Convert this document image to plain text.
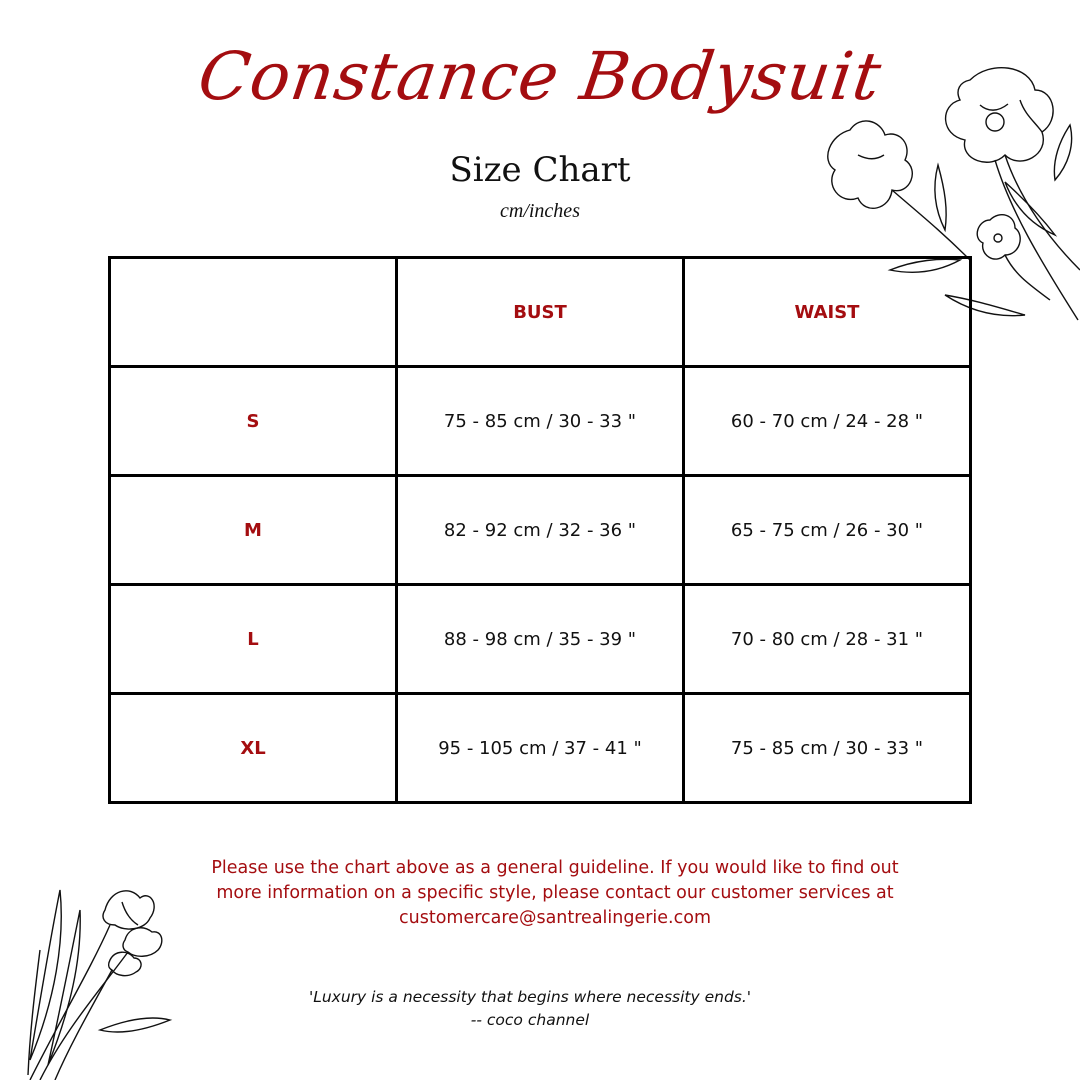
Constance Bodysuit
Size Chart
cm/inches
	BUST	WAIST
S	75 - 85 cm / 30 - 33 "	60 - 70 cm / 24 - 28 "
M	82 - 92 cm / 32 - 36 "	65 - 75 cm / 26 - 30 "
L	88 - 98 cm / 35 - 39 "	70 - 80 cm / 28 - 31 "
XL	95 - 105 cm / 37 - 41 "	75 - 85 cm / 30 - 33 "
Please use the chart above as a general guideline. If you would like to find out
more information on a specific style, please contact our customer services at
customercare@santrealingerie.com
'Luxury is a necessity that begins where necessity ends.'
-- coco channel
